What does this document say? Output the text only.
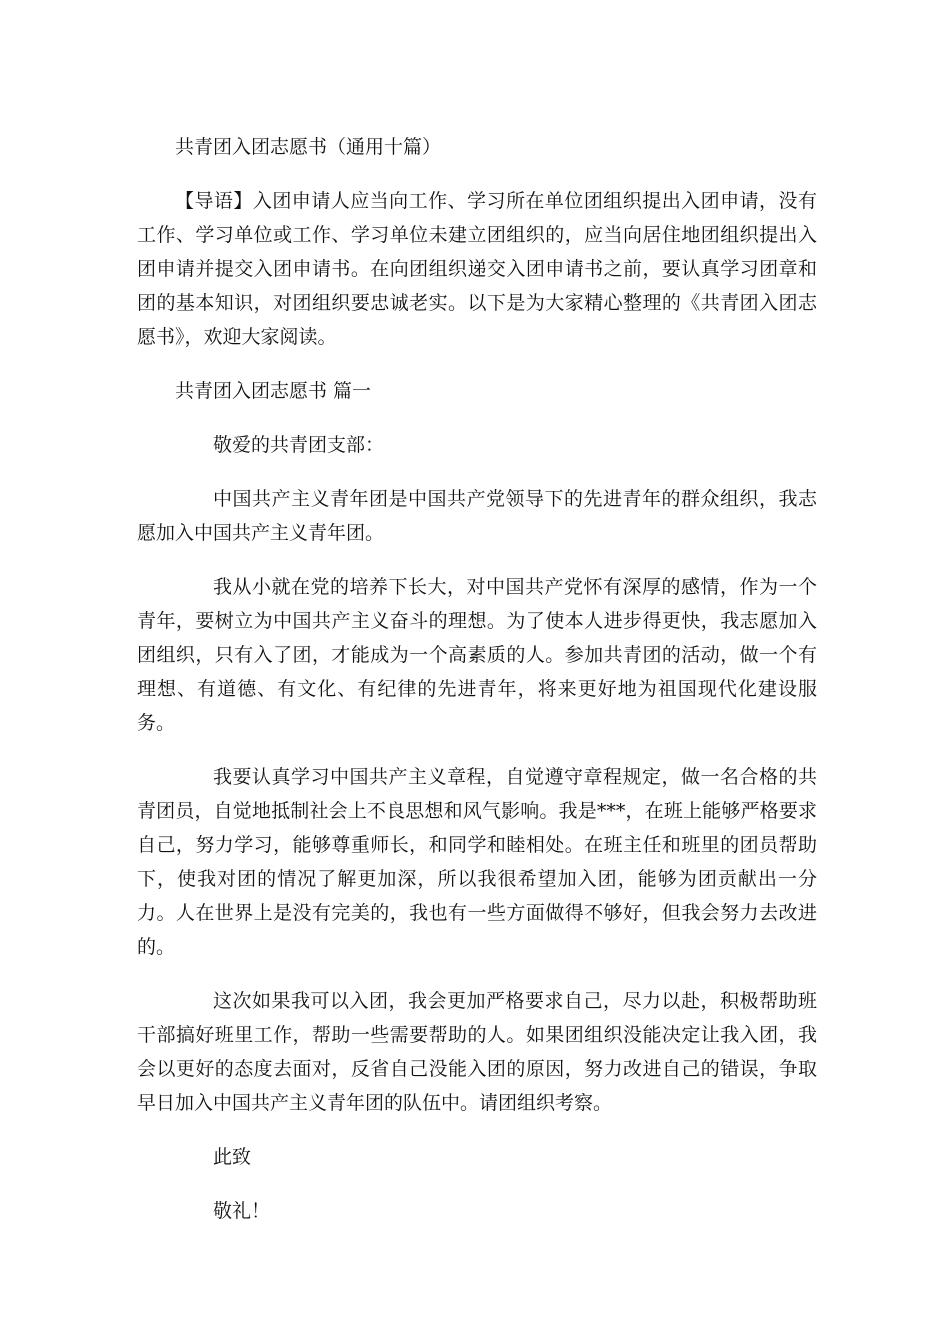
共青团入团志愿书（通用十篇）

【导语】入团申请人应当向工作、学习所在单位团组织提出入团申请，没有工作、学习单位或工作、学习单位未建立团组织的，应当向居住地团组织提出入团申请并提交入团申请书。在向团组织递交入团申请书之前，要认真学习团章和团的基本知识，对团组织要忠诚老实。以下是为大家精心整理的《共青团入团志愿书》，欢迎大家阅读。

共青团入团志愿书 篇一

敬爱的共青团支部：

中国共产主义青年团是中国共产党领导下的先进青年的群众组织，我志愿加入中国共产主义青年团。

我从小就在党的培养下长大，对中国共产党怀有深厚的感情，作为一个青年，要树立为中国共产主义奋斗的理想。为了使本人进步得更快，我志愿加入团组织，只有入了团，才能成为一个高素质的人。参加共青团的活动，做一个有理想、有道德、有文化、有纪律的先进青年，将来更好地为祖国现代化建设服务。

我要认真学习中国共产主义章程，自觉遵守章程规定，做一名合格的共青团员，自觉地抵制社会上不良思想和风气影响。我是***，在班上能够严格要求自己，努力学习，能够尊重师长，和同学和睦相处。在班主任和班里的团员帮助下，使我对团的情况了解更加深，所以我很希望加入团，能够为团贡献出一分力。人在世界上是没有完美的，我也有一些方面做得不够好，但我会努力去改进的。

这次如果我可以入团，我会更加严格要求自己，尽力以赴，积极帮助班干部搞好班里工作，帮助一些需要帮助的人。如果团组织没能决定让我入团，我会以更好的态度去面对，反省自己没能入团的原因，努力改进自己的错误，争取早日加入中国共产主义青年团的队伍中。请团组织考察。

此致

敬礼！
